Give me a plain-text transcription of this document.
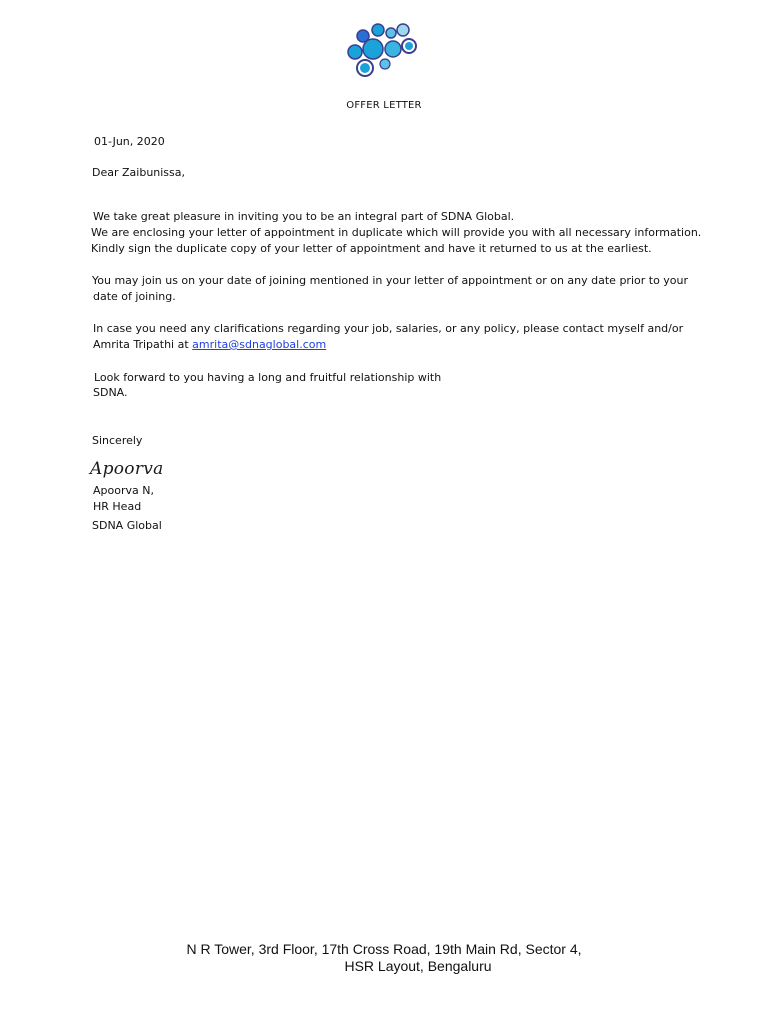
OFFER LETTER
01-Jun, 2020
Dear Zaibunissa,
We take great pleasure in inviting you to be an integral part of SDNA Global.
We are enclosing your letter of appointment in duplicate which will provide you with all necessary information.
Kindly sign the duplicate copy of your letter of appointment and have it returned to us at the earliest.
You may join us on your date of joining mentioned in your letter of appointment or on any date prior to your
date of joining.
In case you need any clarifications regarding your job, salaries, or any policy, please contact myself and/or
Amrita Tripathi at amrita@sdnaglobal.com
Look forward to you having a long and fruitful relationship with
SDNA.
Sincerely
Apoorva
Apoorva N,
HR Head
SDNA Global
N R Tower, 3rd Floor, 17th Cross Road, 19th Main Rd, Sector 4,
HSR Layout, Bengaluru
